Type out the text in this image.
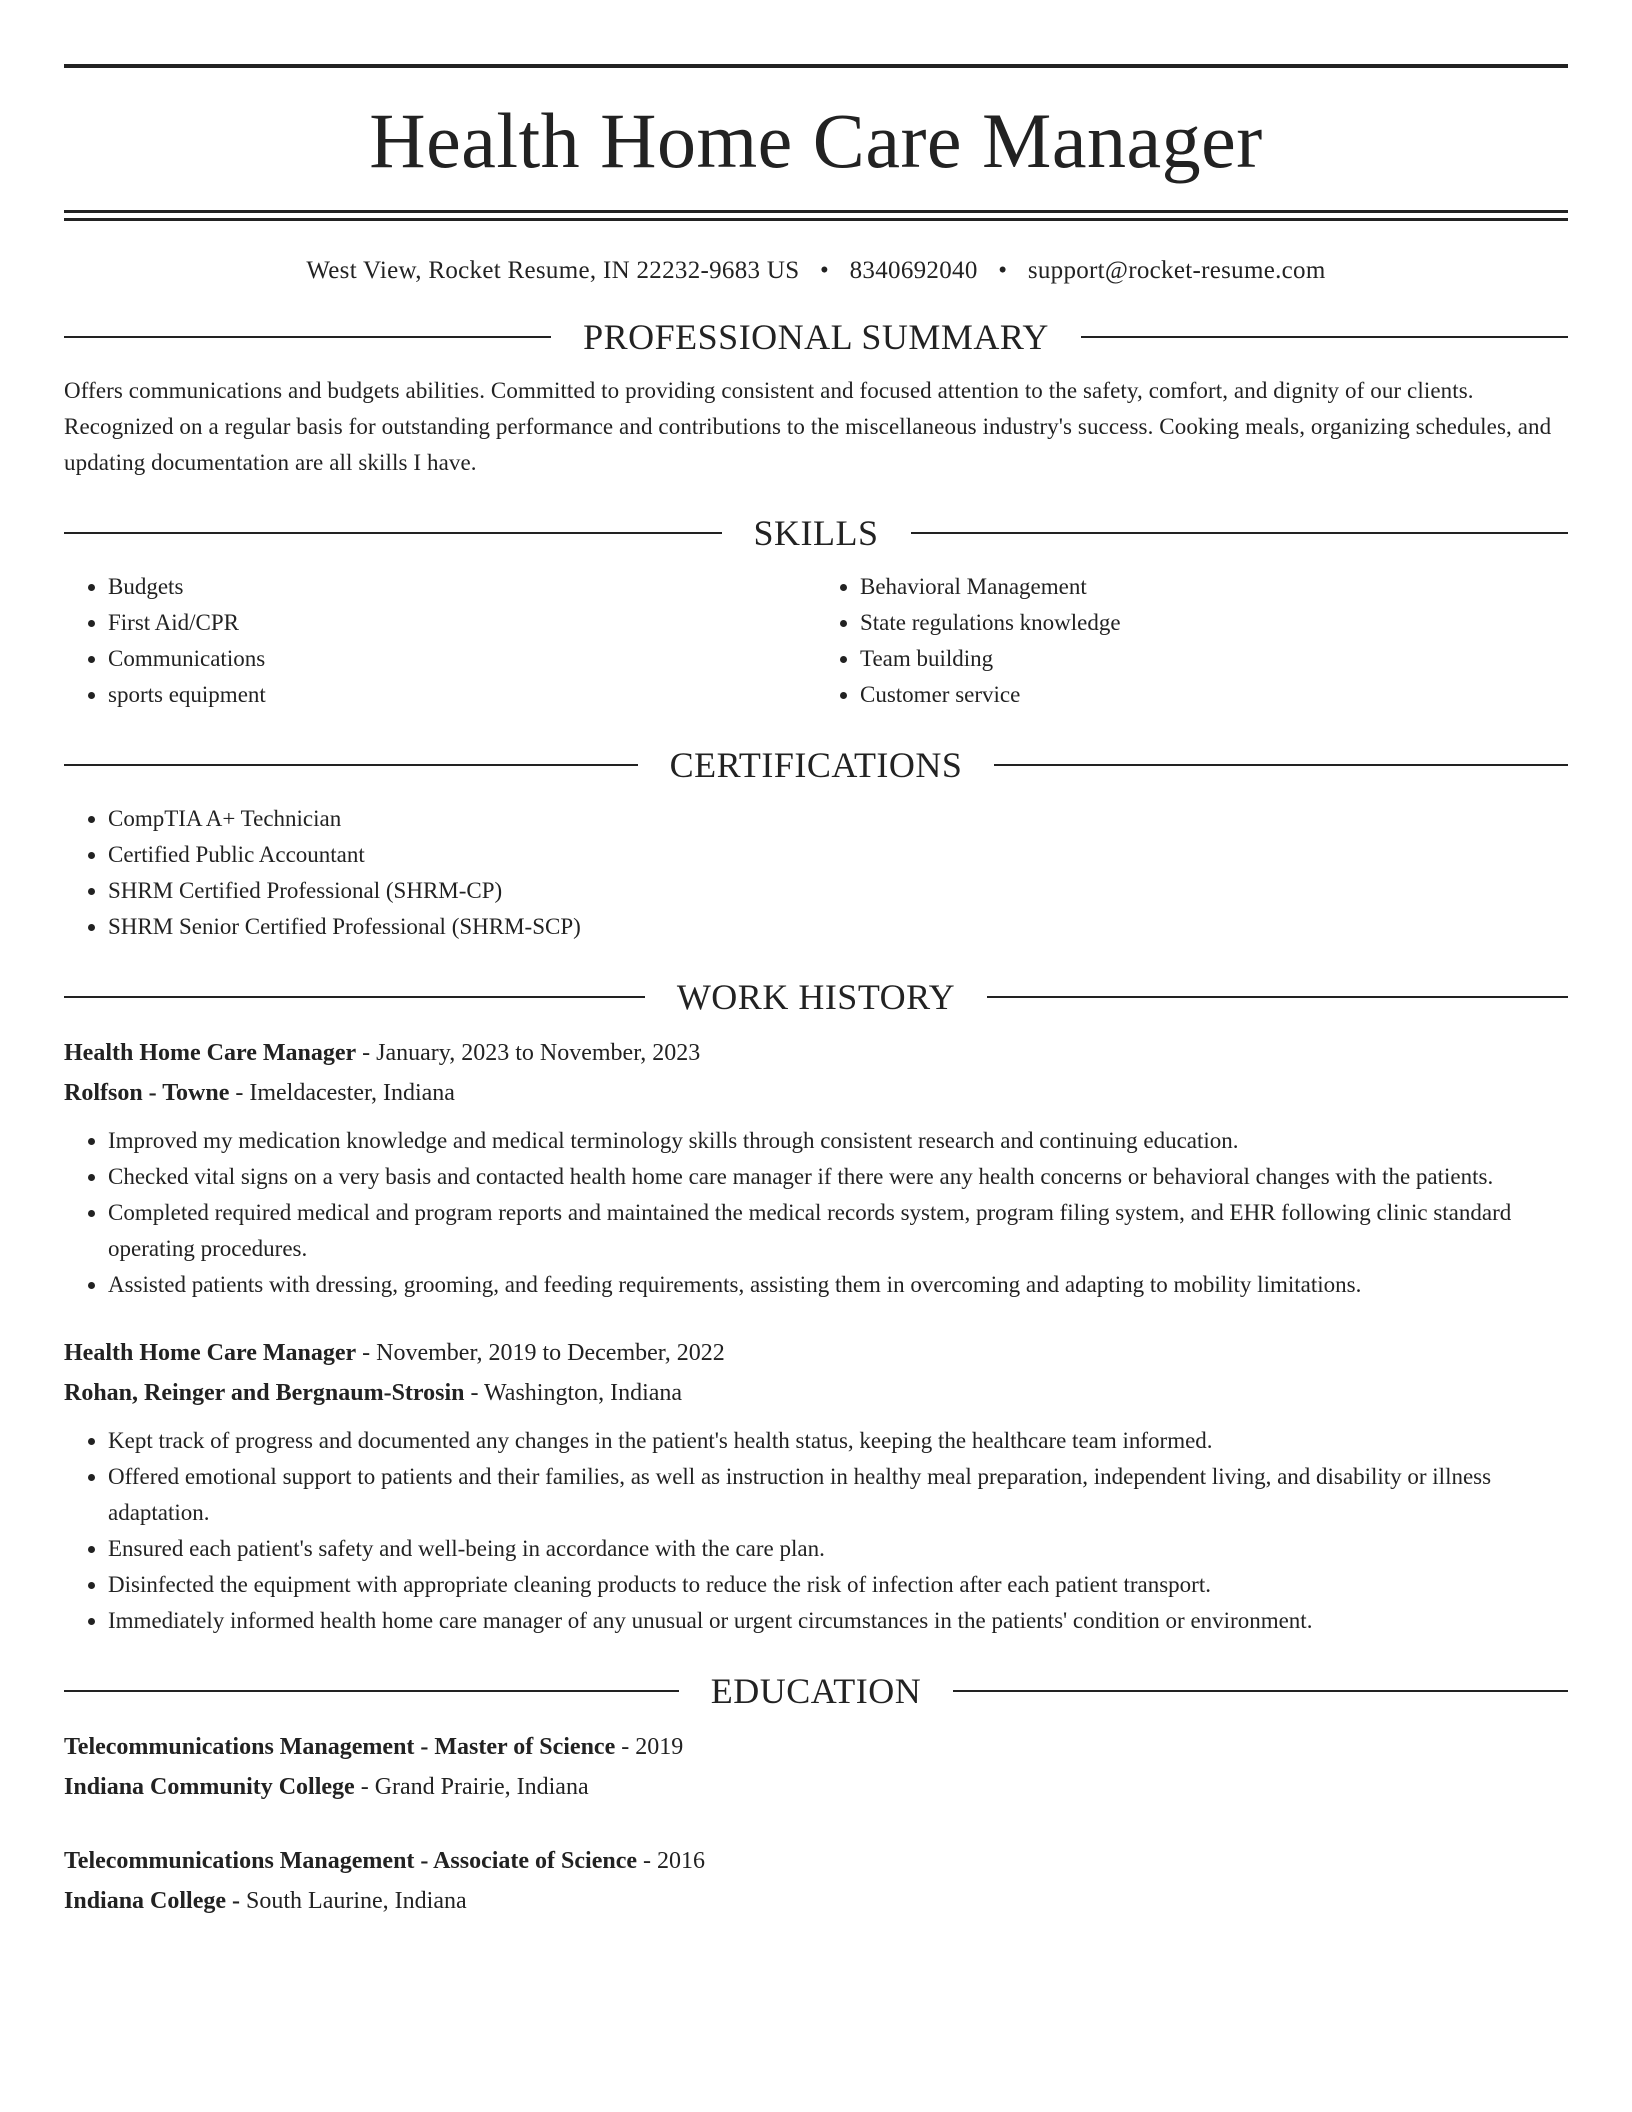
Health Home Care Manager
West View, Rocket Resume, IN 22232-9683 US • 8340692040 • support@rocket-resume.com
PROFESSIONAL SUMMARY
Offers communications and budgets abilities. Committed to providing consistent and focused attention to the safety, comfort, and dignity of our clients. Recognized on a regular basis for outstanding performance and contributions to the miscellaneous industry's success. Cooking meals, organizing schedules, and updating documentation are all skills I have.
SKILLS
• Budgets
• First Aid/CPR
• Communications
• sports equipment
• Behavioral Management
• State regulations knowledge
• Team building
• Customer service
CERTIFICATIONS
• CompTIA A+ Technician
• Certified Public Accountant
• SHRM Certified Professional (SHRM-CP)
• SHRM Senior Certified Professional (SHRM-SCP)
WORK HISTORY
Health Home Care Manager - January, 2023 to November, 2023
Rolfson - Towne - Imeldacester, Indiana
• Improved my medication knowledge and medical terminology skills through consistent research and continuing education.
• Checked vital signs on a very basis and contacted health home care manager if there were any health concerns or behavioral changes with the patients.
• Completed required medical and program reports and maintained the medical records system, program filing system, and EHR following clinic standard operating procedures.
• Assisted patients with dressing, grooming, and feeding requirements, assisting them in overcoming and adapting to mobility limitations.
Health Home Care Manager - November, 2019 to December, 2022
Rohan, Reinger and Bergnaum-Strosin - Washington, Indiana
• Kept track of progress and documented any changes in the patient's health status, keeping the healthcare team informed.
• Offered emotional support to patients and their families, as well as instruction in healthy meal preparation, independent living, and disability or illness adaptation.
• Ensured each patient's safety and well-being in accordance with the care plan.
• Disinfected the equipment with appropriate cleaning products to reduce the risk of infection after each patient transport.
• Immediately informed health home care manager of any unusual or urgent circumstances in the patients' condition or environment.
EDUCATION
Telecommunications Management - Master of Science - 2019
Indiana Community College - Grand Prairie, Indiana
Telecommunications Management - Associate of Science - 2016
Indiana College - South Laurine, Indiana
